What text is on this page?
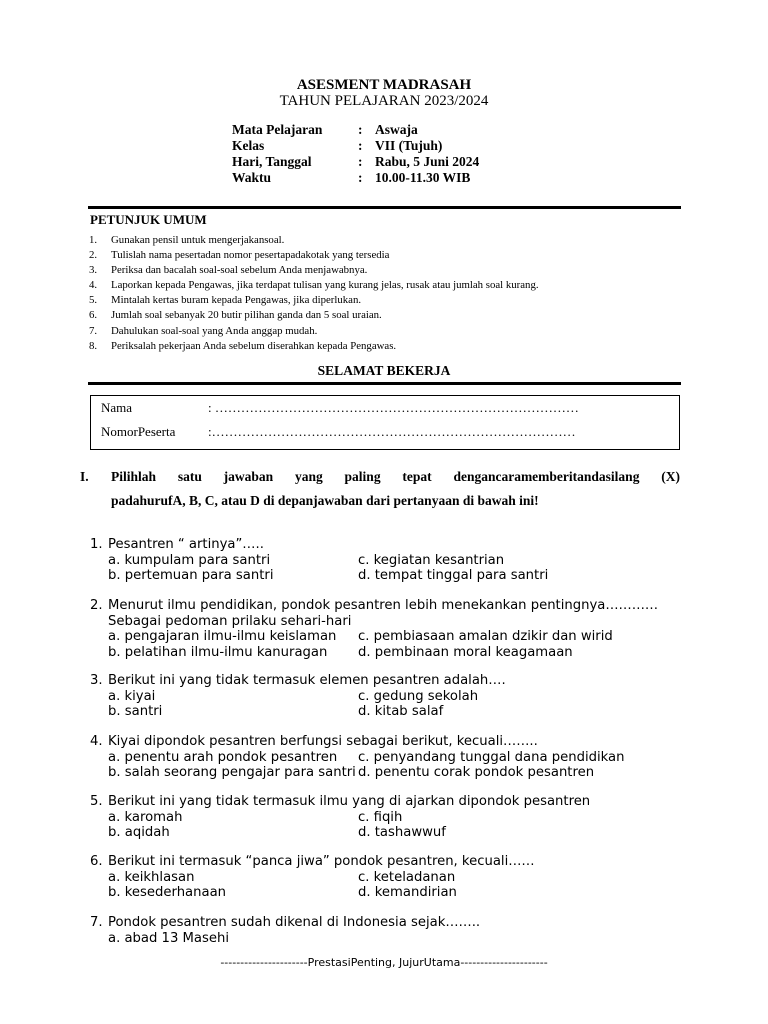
ASESMENT MADRASAH
TAHUN PELAJARAN 2023/2024
Mata Pelajaran	: Aswaja
Kelas	: VII (Tujuh)
Hari, Tanggal	: Rabu, 5 Juni 2024
Waktu	: 10.00-11.30 WIB
PETUNJUK UMUM
1. Gunakan pensil untuk mengerjakansoal.
2. Tulislah nama pesertadan nomor pesertapadakotak yang tersedia
3. Periksa dan bacalah soal-soal sebelum Anda menjawabnya.
4. Laporkan kepada Pengawas, jika terdapat tulisan yang kurang jelas, rusak atau jumlah soal kurang.
5. Mintalah kertas buram kepada Pengawas, jika diperlukan.
6. Jumlah soal sebanyak 20 butir pilihan ganda dan 5 soal uraian.
7. Dahulukan soal-soal yang Anda anggap mudah.
8. Periksalah pekerjaan Anda sebelum diserahkan kepada Pengawas.
SELAMAT BEKERJA
Nama	: …………………………………………………………………………
NomorPeserta	:…………………………………………………………………………
I. Pilihlah satu jawaban yang paling tepat dengancaramemberitandasilang (X)
padahurufA, B, C, atau D di depanjawaban dari pertanyaan di bawah ini!
1. Pesantren “ artinya”…..
a. kumpulam para santri	c. kegiatan kesantrian
b. pertemuan para santri	d. tempat tinggal para santri
2. Menurut ilmu pendidikan, pondok pesantren lebih menekankan pentingnya…………
Sebagai pedoman prilaku sehari-hari
a. pengajaran ilmu-ilmu keislaman	c. pembiasaan amalan dzikir dan wirid
b. pelatihan ilmu-ilmu kanuragan	d. pembinaan moral keagamaan
3. Berikut ini yang tidak termasuk elemen pesantren adalah….
a. kiyai	c. gedung sekolah
b. santri	d. kitab salaf
4. Kiyai dipondok pesantren berfungsi sebagai berikut, kecuali……..
a. penentu arah pondok pesantren	c. penyandang tunggal dana pendidikan
b. salah seorang pengajar para santri d. penentu corak pondok pesantren
5. Berikut ini yang tidak termasuk ilmu yang di ajarkan dipondok pesantren
a. karomah	c. fiqih
b. aqidah	d. tashawwuf
6. Berikut ini termasuk “panca jiwa” pondok pesantren, kecuali……
a. keikhlasan	c. keteladanan
b. kesederhanaan	d. kemandirian
7. Pondok pesantren sudah dikenal di Indonesia sejak……..
a. abad 13 Masehi
----------------------PrestasiPenting, JujurUtama----------------------
